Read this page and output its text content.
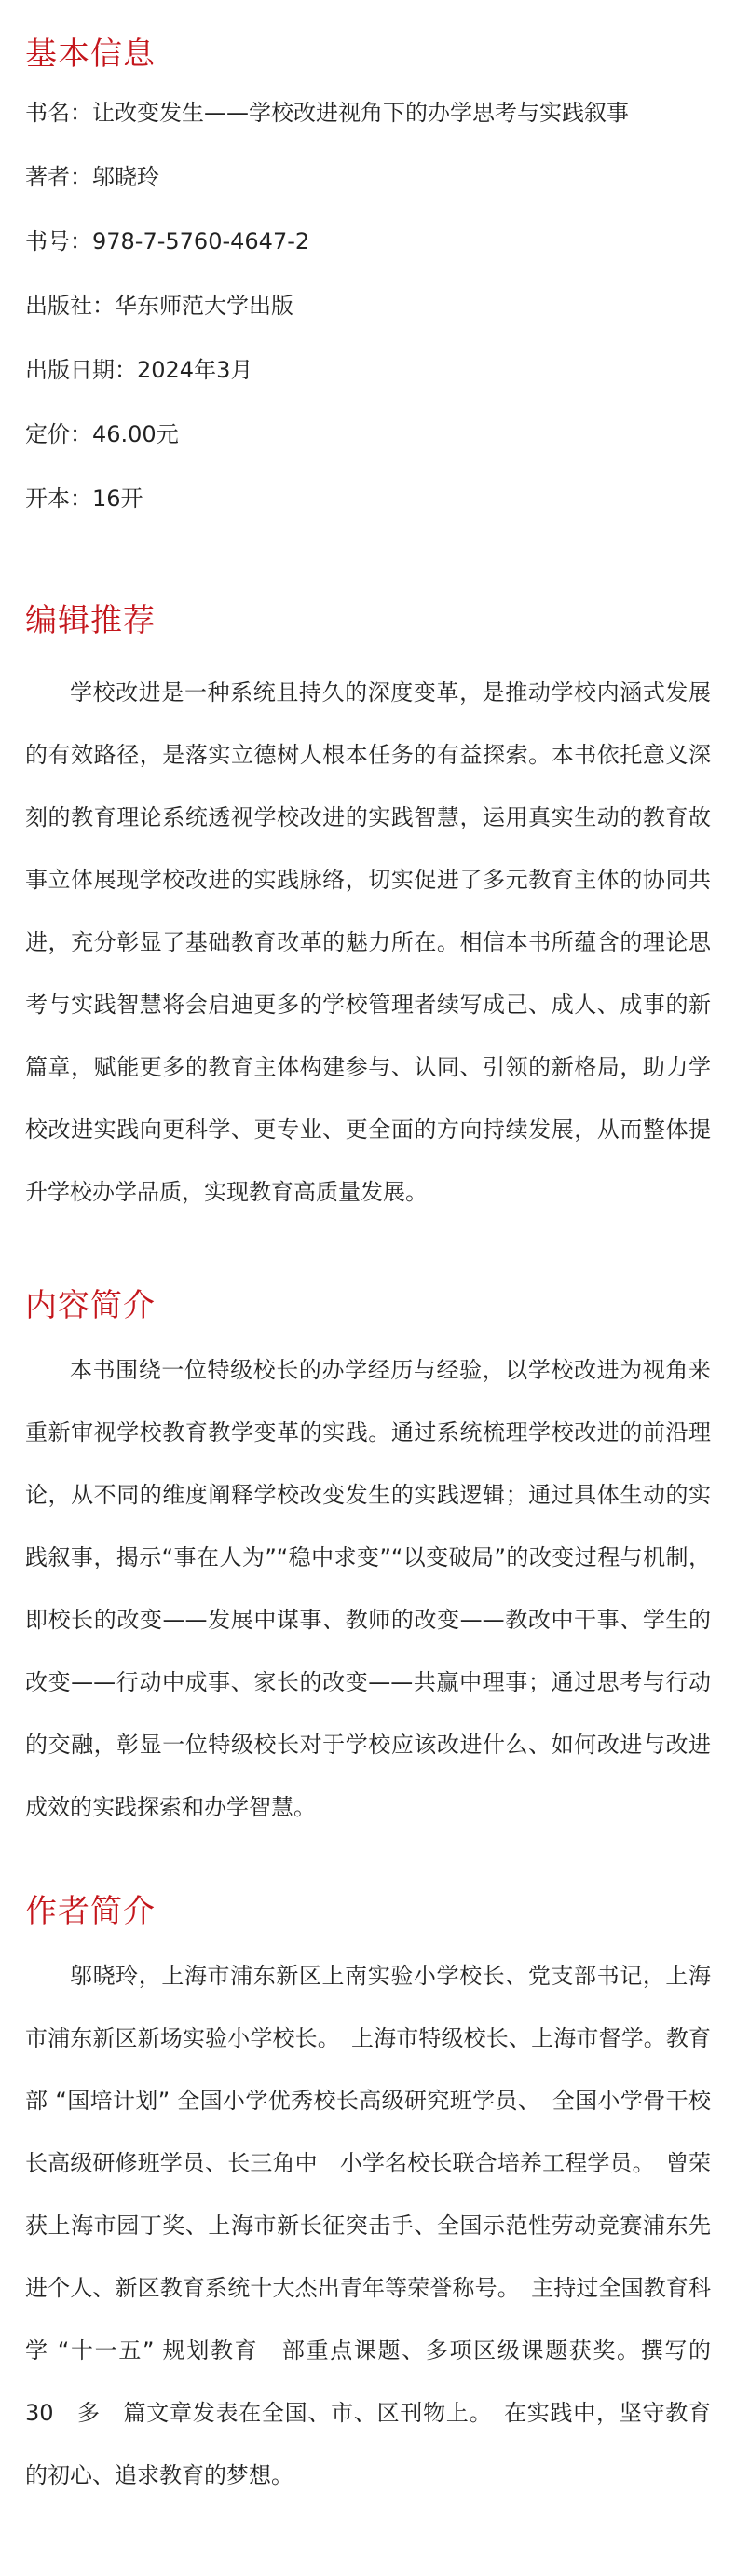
基本信息
书名：让改变发生——学校改进视角下的办学思考与实践叙事
著者：邬晓玲
书号：978-7-5760-4647-2
出版社：华东师范大学出版
出版日期：2024年3月
定价：46.00元
开本：16开
编辑推荐

学校改进是一种系统且持久的深度变革，是推动学校内涵式发展的有效路径，是落实立德树人根本任务的有益探索。本书依托意义深刻的教育理论系统透视学校改进的实践智慧，运用真实生动的教育故事立体展现学校改进的实践脉络，切实促进了多元教育主体的协同共进，充分彰显了基础教育改革的魅力所在。相信本书所蕴含的理论思考与实践智慧将会启迪更多的学校管理者续写成己、成人、成事的新篇章，赋能更多的教育主体构建参与、认同、引领的新格局，助力学校改进实践向更科学、更专业、更全面的方向持续发展，从而整体提升学校办学品质，实现教育高质量发展。

内容简介

本书围绕一位特级校长的办学经历与经验，以学校改进为视角来重新审视学校教育教学变革的实践。通过系统梳理学校改进的前沿理论，从不同的维度阐释学校改变发生的实践逻辑；通过具体生动的实践叙事，揭示“事在人为”“稳中求变”“以变破局”的改变过程与机制，即校长的改变——发展中谋事、教师的改变——教改中干事、学生的改变——行动中成事、家长的改变——共赢中理事；通过思考与行动的交融，彰显一位特级校长对于学校应该改进什么、如何改进与改进成效的实践探索和办学智慧。

作者简介

邬晓玲，上海市浦东新区上南实验小学校长、党支部书记，上海市浦东新区新场实验小学校长。　上海市特级校长、上海市督学。教育部 “国培计划” 全国小学优秀校长高级研究班学员、　全国小学骨干校长高级研修班学员、长三角中　小学名校长联合培养工程学员。　曾荣获上海市园丁奖、上海市新长征突击手、全国示范性劳动竞赛浦东先进个人、新区教育系统十大杰出青年等荣誉称号。　主持过全国教育科学 “十一五” 规划教育　部重点课题、多项区级课题获奖。撰写的　30　多　篇文章发表在全国、市、区刊物上。　在实践中，坚守教育的初心、追求教育的梦想。
